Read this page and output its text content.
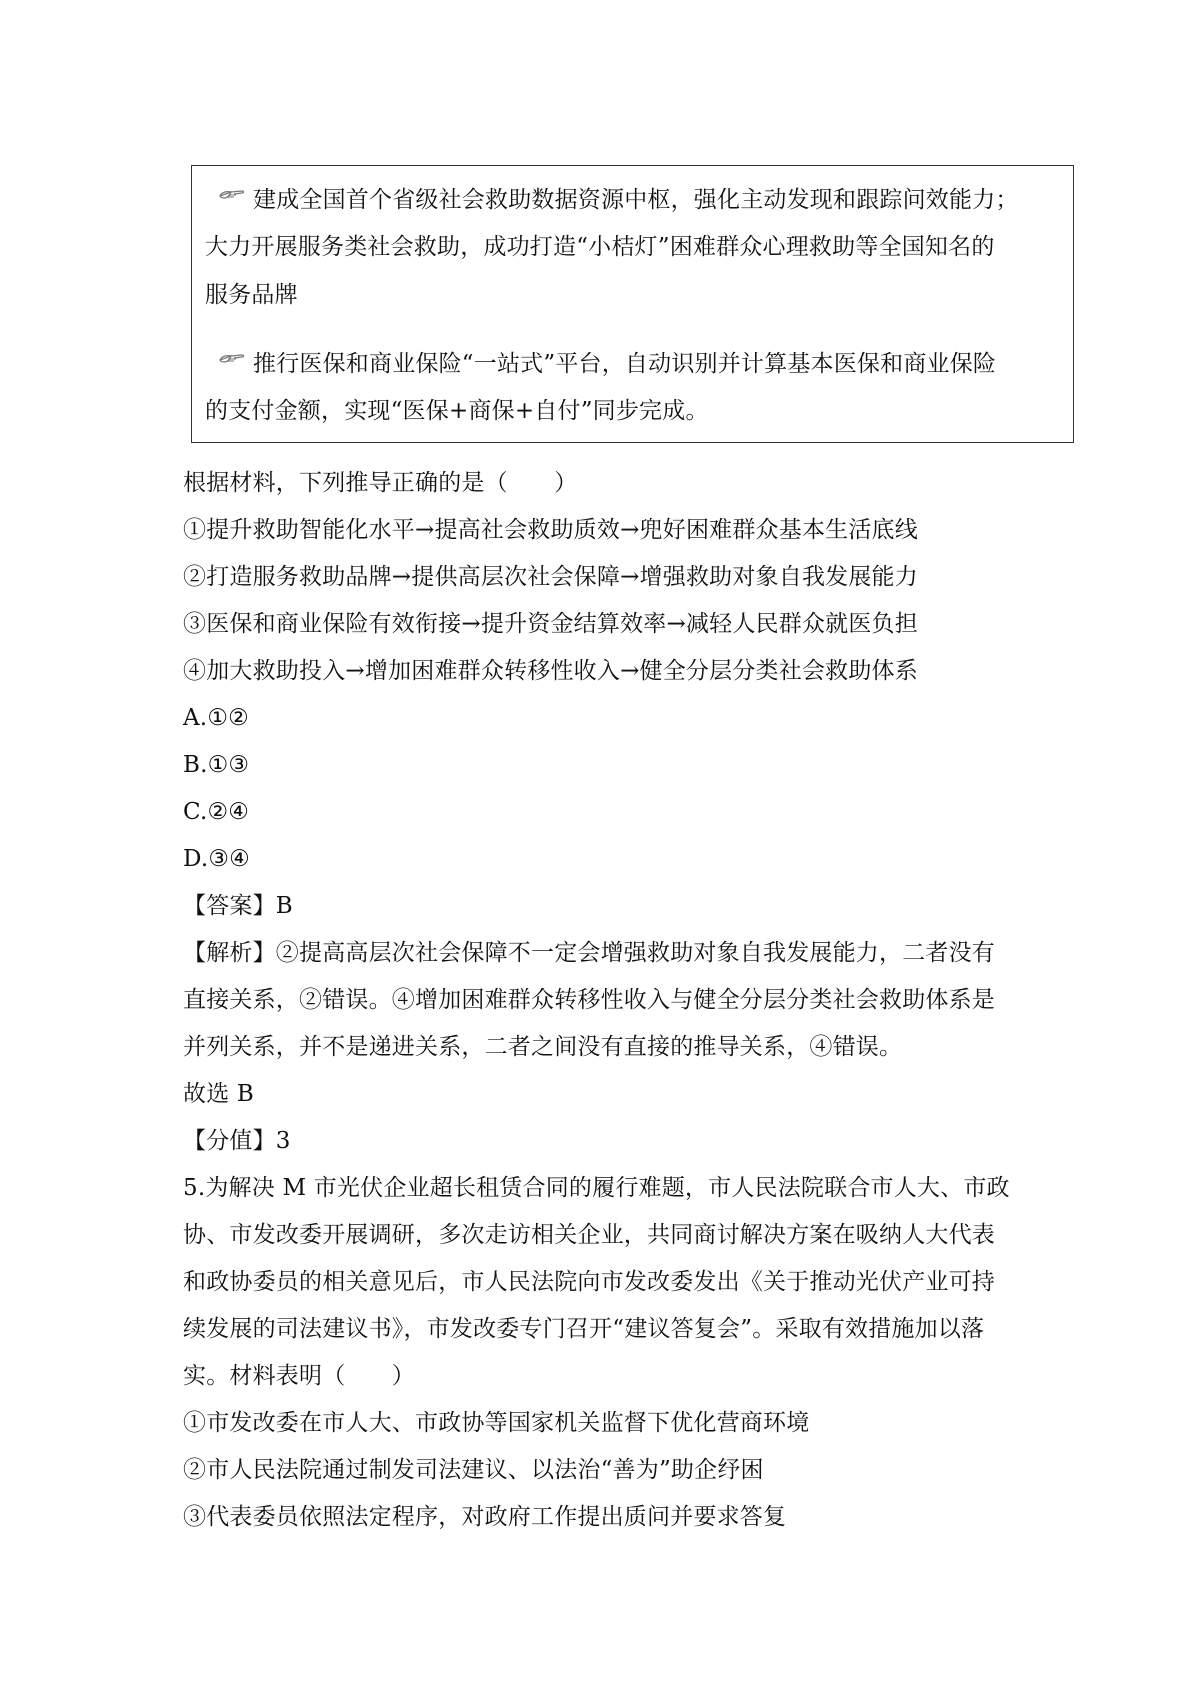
建成全国首个省级社会救助数据资源中枢，强化主动发现和跟踪问效能力；
大力开展服务类社会救助，成功打造“小桔灯”困难群众心理救助等全国知名的
服务品牌
推行医保和商业保险“一站式”平台，自动识别并计算基本医保和商业保险
的支付金额，实现“医保+商保+自付”同步完成。
根据材料，下列推导正确的是（　　）
①提升救助智能化水平→提高社会救助质效→兜好困难群众基本生活底线
②打造服务救助品牌→提供高层次社会保障→增强救助对象自我发展能力
③医保和商业保险有效衔接→提升资金结算效率→减轻人民群众就医负担
④加大救助投入→增加困难群众转移性收入→健全分层分类社会救助体系
A.①②
B.①③
C.②④
D.③④
【答案】B
【解析】②提高高层次社会保障不一定会增强救助对象自我发展能力，二者没有
直接关系，②错误。④增加困难群众转移性收入与健全分层分类社会救助体系是
并列关系，并不是递进关系，二者之间没有直接的推导关系，④错误。
故选 B
【分值】3
5.为解决 M 市光伏企业超长租赁合同的履行难题，市人民法院联合市人大、市政
协、市发改委开展调研，多次走访相关企业，共同商讨解决方案在吸纳人大代表
和政协委员的相关意见后，市人民法院向市发改委发出《关于推动光伏产业可持
续发展的司法建议书》，市发改委专门召开“建议答复会”。采取有效措施加以落
实。材料表明（　　）
①市发改委在市人大、市政协等国家机关监督下优化营商环境
②市人民法院通过制发司法建议、以法治“善为”助企纾困
③代表委员依照法定程序，对政府工作提出质问并要求答复
